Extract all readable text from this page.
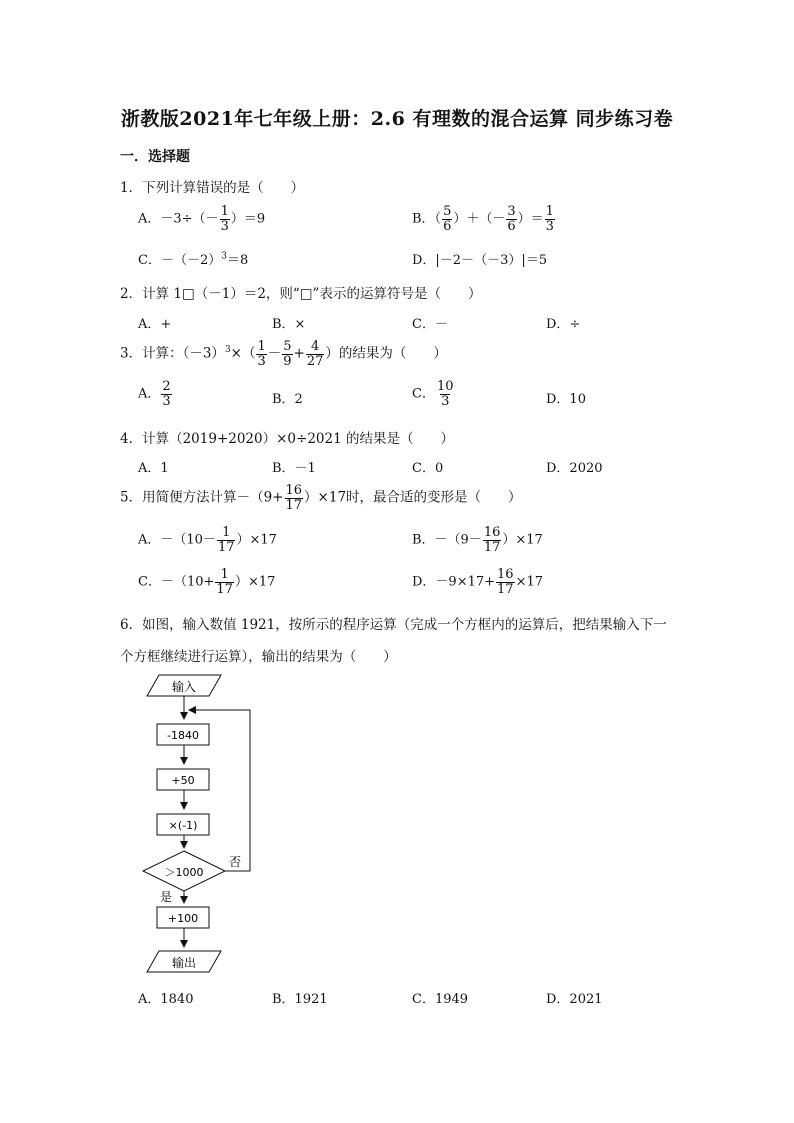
浙教版2021年七年级上册：2.6 有理数的混合运算 同步练习卷
一．选择题
1．下列计算错误的是（　　）
A．$-3\div(- \frac{1}{3} )=9$	B．（ $\frac{5}{6}$ ）＋（－ $\frac{3}{6}$ ）＝ $\frac{1}{3}$
C．$-(-2)^3=8$	D．|－2－（－3）|＝5
2．计算 1□（－1）＝2，则“□”表示的运算符号是（　　）
A．+	B．×	C．－	D．÷
3．计算：$(-3)^3\times( \frac{1}{3} - \frac{5}{9} + \frac{4}{27}$ ）的结果为（　　）
A． $\frac{2}{3}$	B．2	C． $\frac{10}{3}$	D．10
4．计算（2019+2020）×0÷2021 的结果是（　　）
A．1	B．－1	C．0	D．2020
5．用简便方法计算$-(9+ \frac{16}{17} )\times 17$时，最合适的变形是（　　）
A．$-(10- \frac{1}{17} )\times 17$	B．$-(9- \frac{16}{17} )\times 17$
C．$-(10+ \frac{1}{17} )\times 17$	D．$-9\times 17+ \frac{16}{17} \times 17$
6．如图，输入数值 1921，按所示的程序运算（完成一个方框内的运算后，把结果输入下一
个方框继续进行运算），输出的结果为（　　）
输入
-1840
+50
×(-1)
＞1000
否
是
+100
输出
A．1840	B．1921	C．1949	D．2021
